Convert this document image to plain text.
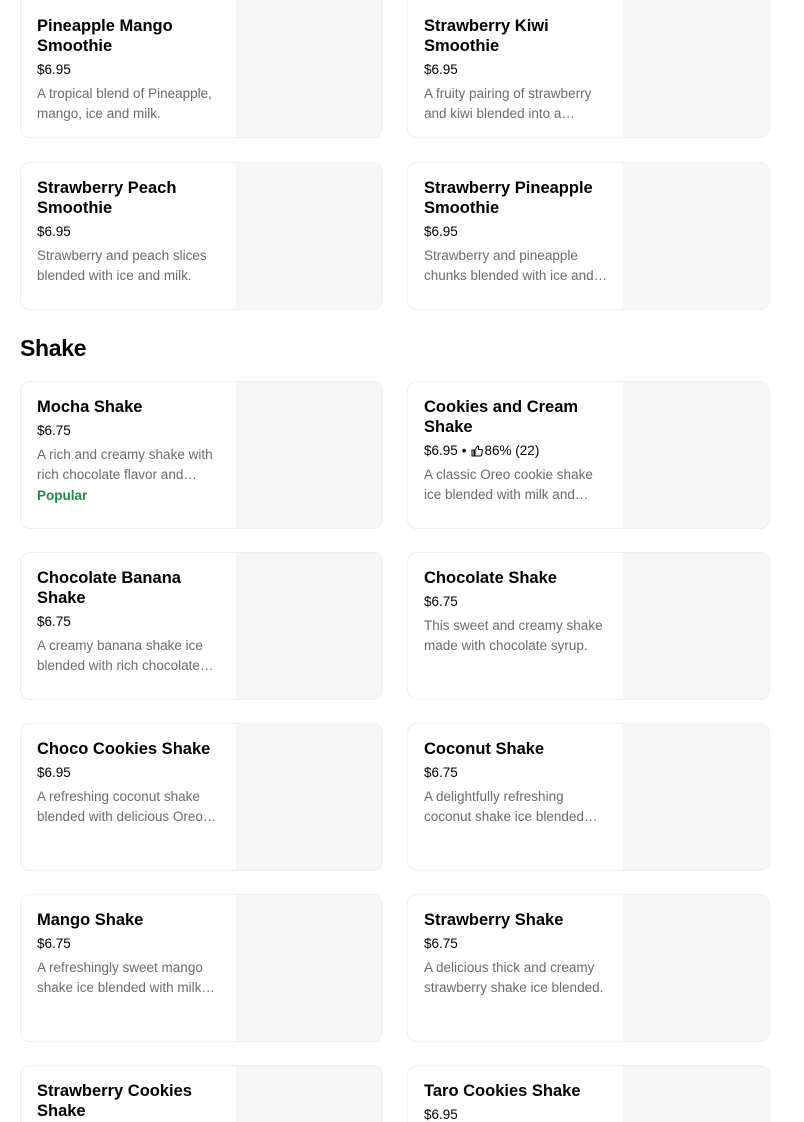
Pineapple Mango Smoothie
$6.95
A tropical blend of Pineapple, mango, ice and milk.
Strawberry Kiwi Smoothie
$6.95
A fruity pairing of strawberry and kiwi blended into a
Strawberry Peach Smoothie
$6.95
Strawberry and peach slices blended with ice and milk.
Strawberry Pineapple Smoothie
$6.95
Strawberry and pineapple chunks blended with ice and
Shake
Mocha Shake
$6.75
A rich and creamy shake with rich chocolate flavor and
Popular
Cookies and Cream Shake
$6.95 • 86% (22)
A classic Oreo cookie shake ice blended with milk and
Chocolate Banana Shake
$6.75
A creamy banana shake ice blended with rich chocolate
Chocolate Shake
$6.75
This sweet and creamy shake made with chocolate syrup.
Choco Cookies Shake
$6.95
A refreshing coconut shake blended with delicious Oreo
Coconut Shake
$6.75
A delightfully refreshing coconut shake ice blended
Mango Shake
$6.75
A refreshingly sweet mango shake ice blended with milk
Strawberry Shake
$6.75
A delicious thick and creamy strawberry shake ice blended.
Strawberry Cookies Shake
Taro Cookies Shake
$6.95
